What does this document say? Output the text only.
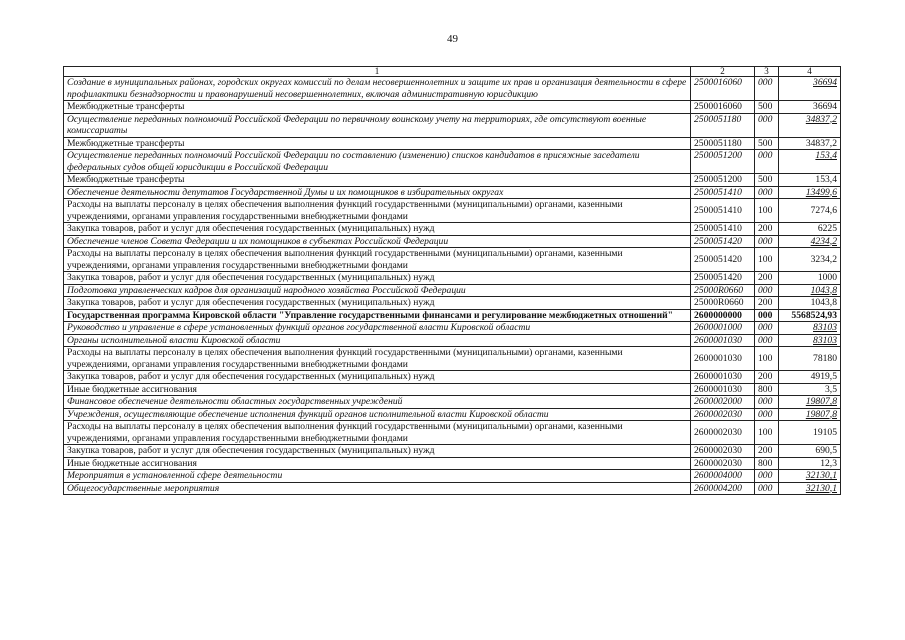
49
1	2	3	4
Создание в муниципальных районах, городских округах комиссий по делам несовершеннолетних и защите их прав и организация деятельности в сфере профилактики безнадзорности и правонарушений несовершеннолетних, включая административную юрисдикцию	2500016060	000	36694
Межбюджетные трансферты	2500016060	500	36694
Осуществление переданных полномочий Российской Федерации по первичному воинскому учету на территориях, где отсутствуют военные комиссариаты	2500051180	000	34837,2
Межбюджетные трансферты	2500051180	500	34837,2
Осуществление переданных полномочий Российской Федерации по составлению (изменению) списков кандидатов в присяжные заседатели федеральных судов общей юрисдикции в Российской Федерации	2500051200	000	153,4
Межбюджетные трансферты	2500051200	500	153,4
Обеспечение деятельности депутатов Государственной Думы и их помощников в избирательных округах	2500051410	000	13499,6
Расходы на выплаты персоналу в целях обеспечения выполнения функций государственными (муниципальными) органами, казенными учреждениями, органами управления государственными внебюджетными фондами	2500051410	100	7274,6
Закупка товаров, работ и услуг для обеспечения государственных (муниципальных) нужд	2500051410	200	6225
Обеспечение членов Совета Федерации и их помощников в субъектах Российской Федерации	2500051420	000	4234,2
Расходы на выплаты персоналу в целях обеспечения выполнения функций государственными (муниципальными) органами, казенными учреждениями, органами управления государственными внебюджетными фондами	2500051420	100	3234,2
Закупка товаров, работ и услуг для обеспечения государственных (муниципальных) нужд	2500051420	200	1000
Подготовка управленческих кадров для организаций народного хозяйства Российской Федерации	25000R0660	000	1043,8
Закупка товаров, работ и услуг для обеспечения государственных (муниципальных) нужд	25000R0660	200	1043,8
Государственная программа Кировской области "Управление государственными финансами и регулирование межбюджетных отношений"	2600000000	000	5568524,93
Руководство и управление в сфере установленных функций органов государственной власти Кировской области	2600001000	000	83103
Органы исполнительной власти Кировской области	2600001030	000	83103
Расходы на выплаты персоналу в целях обеспечения выполнения функций государственными (муниципальными) органами, казенными учреждениями, органами управления государственными внебюджетными фондами	2600001030	100	78180
Закупка товаров, работ и услуг для обеспечения государственных (муниципальных) нужд	2600001030	200	4919,5
Иные бюджетные ассигнования	2600001030	800	3,5
Финансовое обеспечение деятельности областных государственных учреждений	2600002000	000	19807,8
Учреждения, осуществляющие обеспечение исполнения функций органов исполнительной власти Кировской области	2600002030	000	19807,8
Расходы на выплаты персоналу в целях обеспечения выполнения функций государственными (муниципальными) органами, казенными учреждениями, органами управления государственными внебюджетными фондами	2600002030	100	19105
Закупка товаров, работ и услуг для обеспечения государственных (муниципальных) нужд	2600002030	200	690,5
Иные бюджетные ассигнования	2600002030	800	12,3
Мероприятия в установленной сфере деятельности	2600004000	000	32130,1
Общегосударственные мероприятия	2600004200	000	32130,1
